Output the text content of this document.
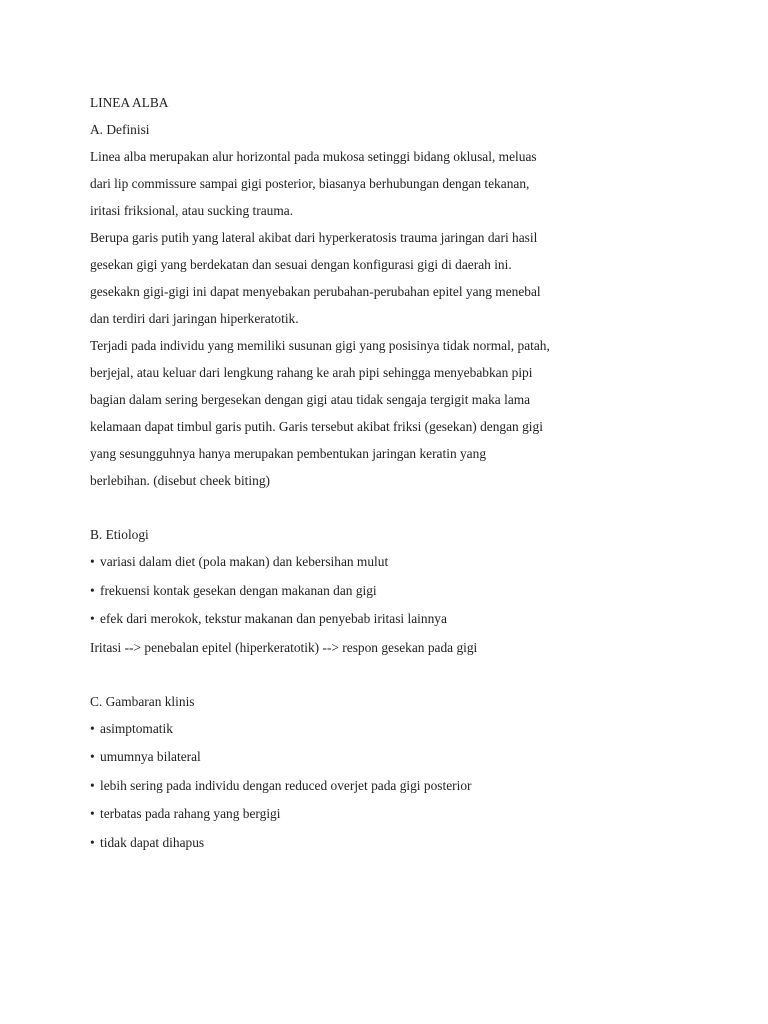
LINEA ALBA
A. Definisi
Linea alba merupakan alur horizontal pada mukosa setinggi bidang oklusal, meluas
dari lip commissure sampai gigi posterior, biasanya berhubungan dengan tekanan,
iritasi friksional, atau sucking trauma.
Berupa garis putih yang lateral akibat dari hyperkeratosis trauma jaringan dari hasil
gesekan gigi yang berdekatan dan sesuai dengan konfigurasi gigi di daerah ini.
gesekakn gigi-gigi ini dapat menyebakan perubahan-perubahan epitel yang menebal
dan terdiri dari jaringan hiperkeratotik.
Terjadi pada individu yang memiliki susunan gigi yang posisinya tidak normal, patah,
berjejal, atau keluar dari lengkung rahang ke arah pipi sehingga menyebabkan pipi
bagian dalam sering bergesekan dengan gigi atau tidak sengaja tergigit maka lama
kelamaan dapat timbul garis putih. Garis tersebut akibat friksi (gesekan) dengan gigi
yang sesungguhnya hanya merupakan pembentukan jaringan keratin yang
berlebihan. (disebut cheek biting)
B. Etiologi
• variasi dalam diet (pola makan) dan kebersihan mulut
• frekuensi kontak gesekan dengan makanan dan gigi
• efek dari merokok, tekstur makanan dan penyebab iritasi lainnya
Iritasi --> penebalan epitel (hiperkeratotik) --> respon gesekan pada gigi
C. Gambaran klinis
• asimptomatik
• umumnya bilateral
• lebih sering pada individu dengan reduced overjet pada gigi posterior
• terbatas pada rahang yang bergigi
• tidak dapat dihapus
